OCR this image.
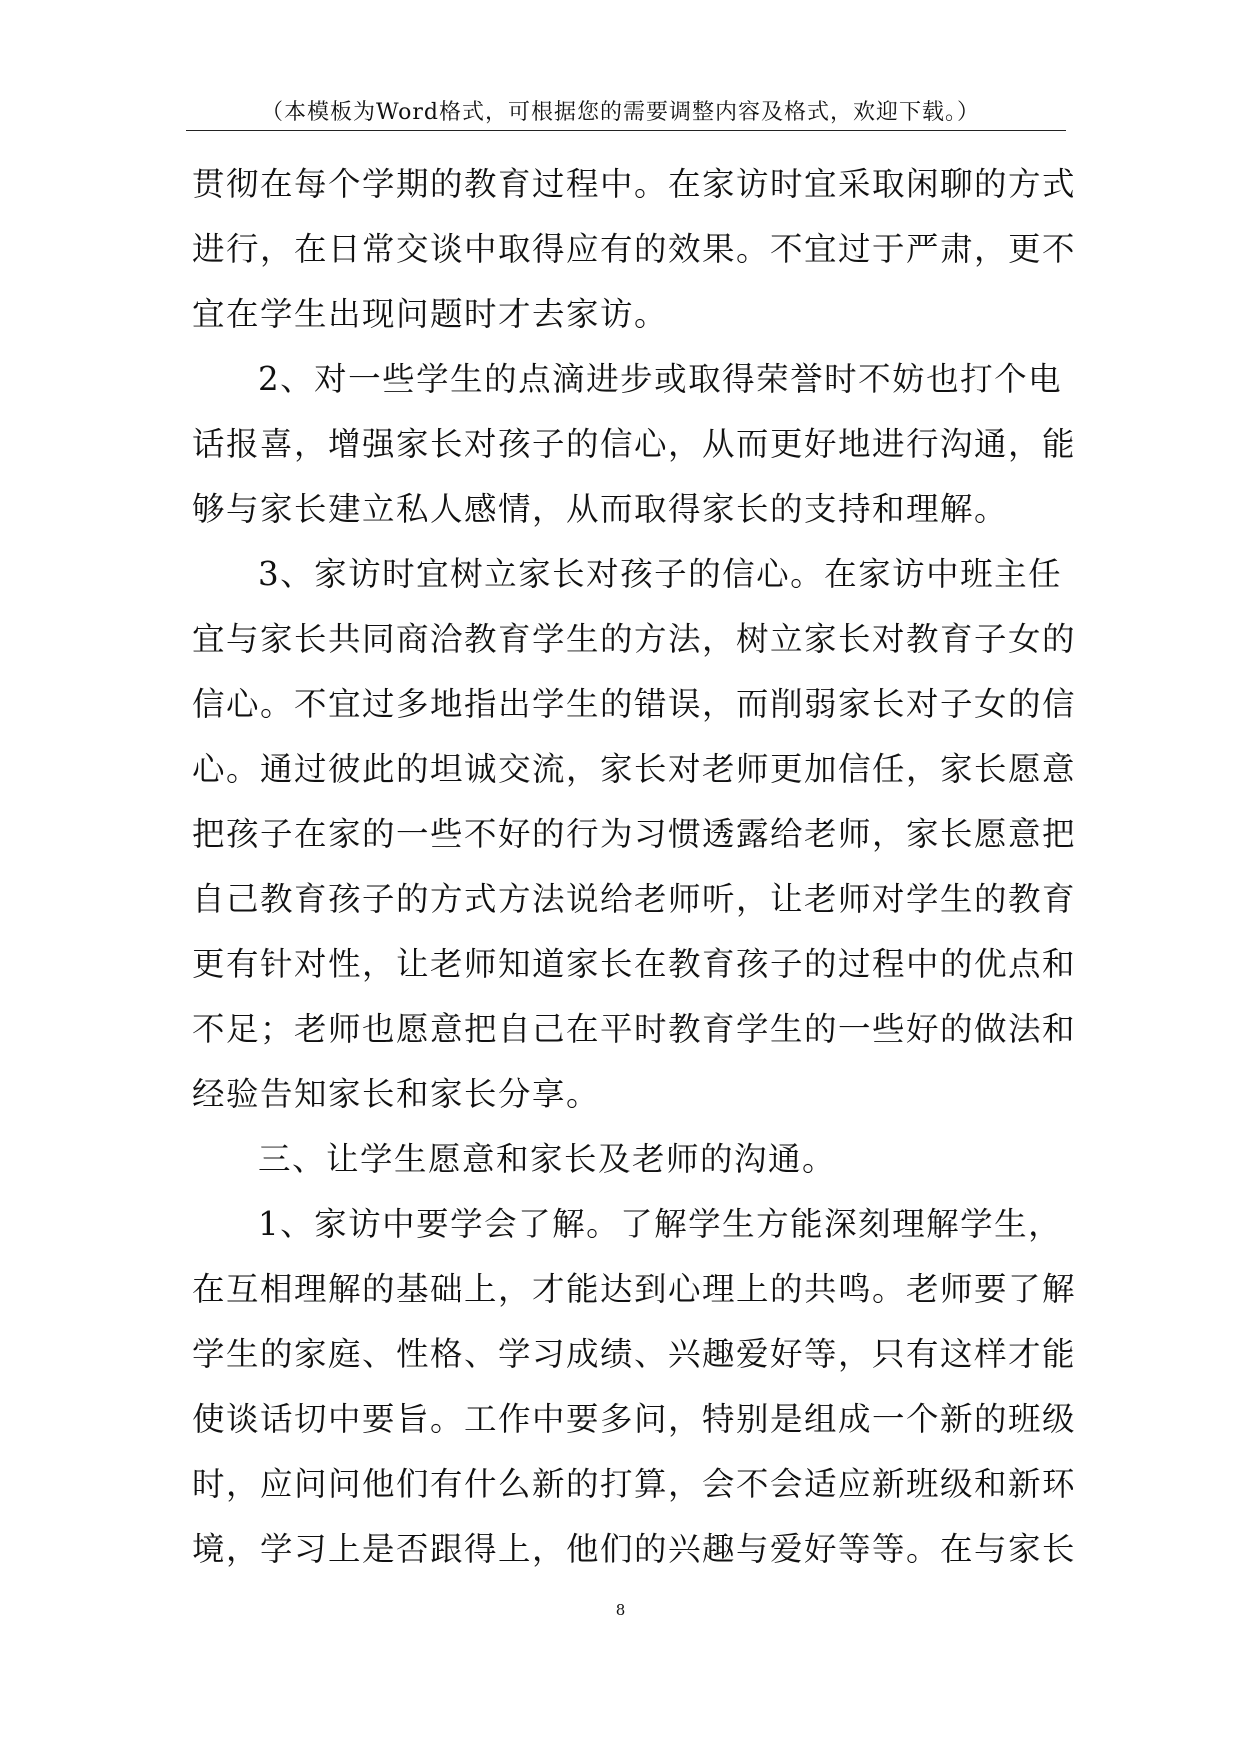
（本模板为Word格式，可根据您的需要调整内容及格式，欢迎下载。）
贯彻在每个学期的教育过程中。在家访时宜采取闲聊的方式
进行，在日常交谈中取得应有的效果。不宜过于严肃，更不
宜在学生出现问题时才去家访。
2、对一些学生的点滴进步或取得荣誉时不妨也打个电
话报喜，增强家长对孩子的信心，从而更好地进行沟通，能
够与家长建立私人感情，从而取得家长的支持和理解。
3、家访时宜树立家长对孩子的信心。在家访中班主任
宜与家长共同商洽教育学生的方法，树立家长对教育子女的
信心。不宜过多地指出学生的错误，而削弱家长对子女的信
心。通过彼此的坦诚交流，家长对老师更加信任，家长愿意
把孩子在家的一些不好的行为习惯透露给老师，家长愿意把
自己教育孩子的方式方法说给老师听，让老师对学生的教育
更有针对性，让老师知道家长在教育孩子的过程中的优点和
不足；老师也愿意把自己在平时教育学生的一些好的做法和
经验告知家长和家长分享。
三、让学生愿意和家长及老师的沟通。
1、家访中要学会了解。了解学生方能深刻理解学生，
在互相理解的基础上，才能达到心理上的共鸣。老师要了解
学生的家庭、性格、学习成绩、兴趣爱好等，只有这样才能
使谈话切中要旨。工作中要多问，特别是组成一个新的班级
时，应问问他们有什么新的打算，会不会适应新班级和新环
境，学习上是否跟得上，他们的兴趣与爱好等等。在与家长
8
